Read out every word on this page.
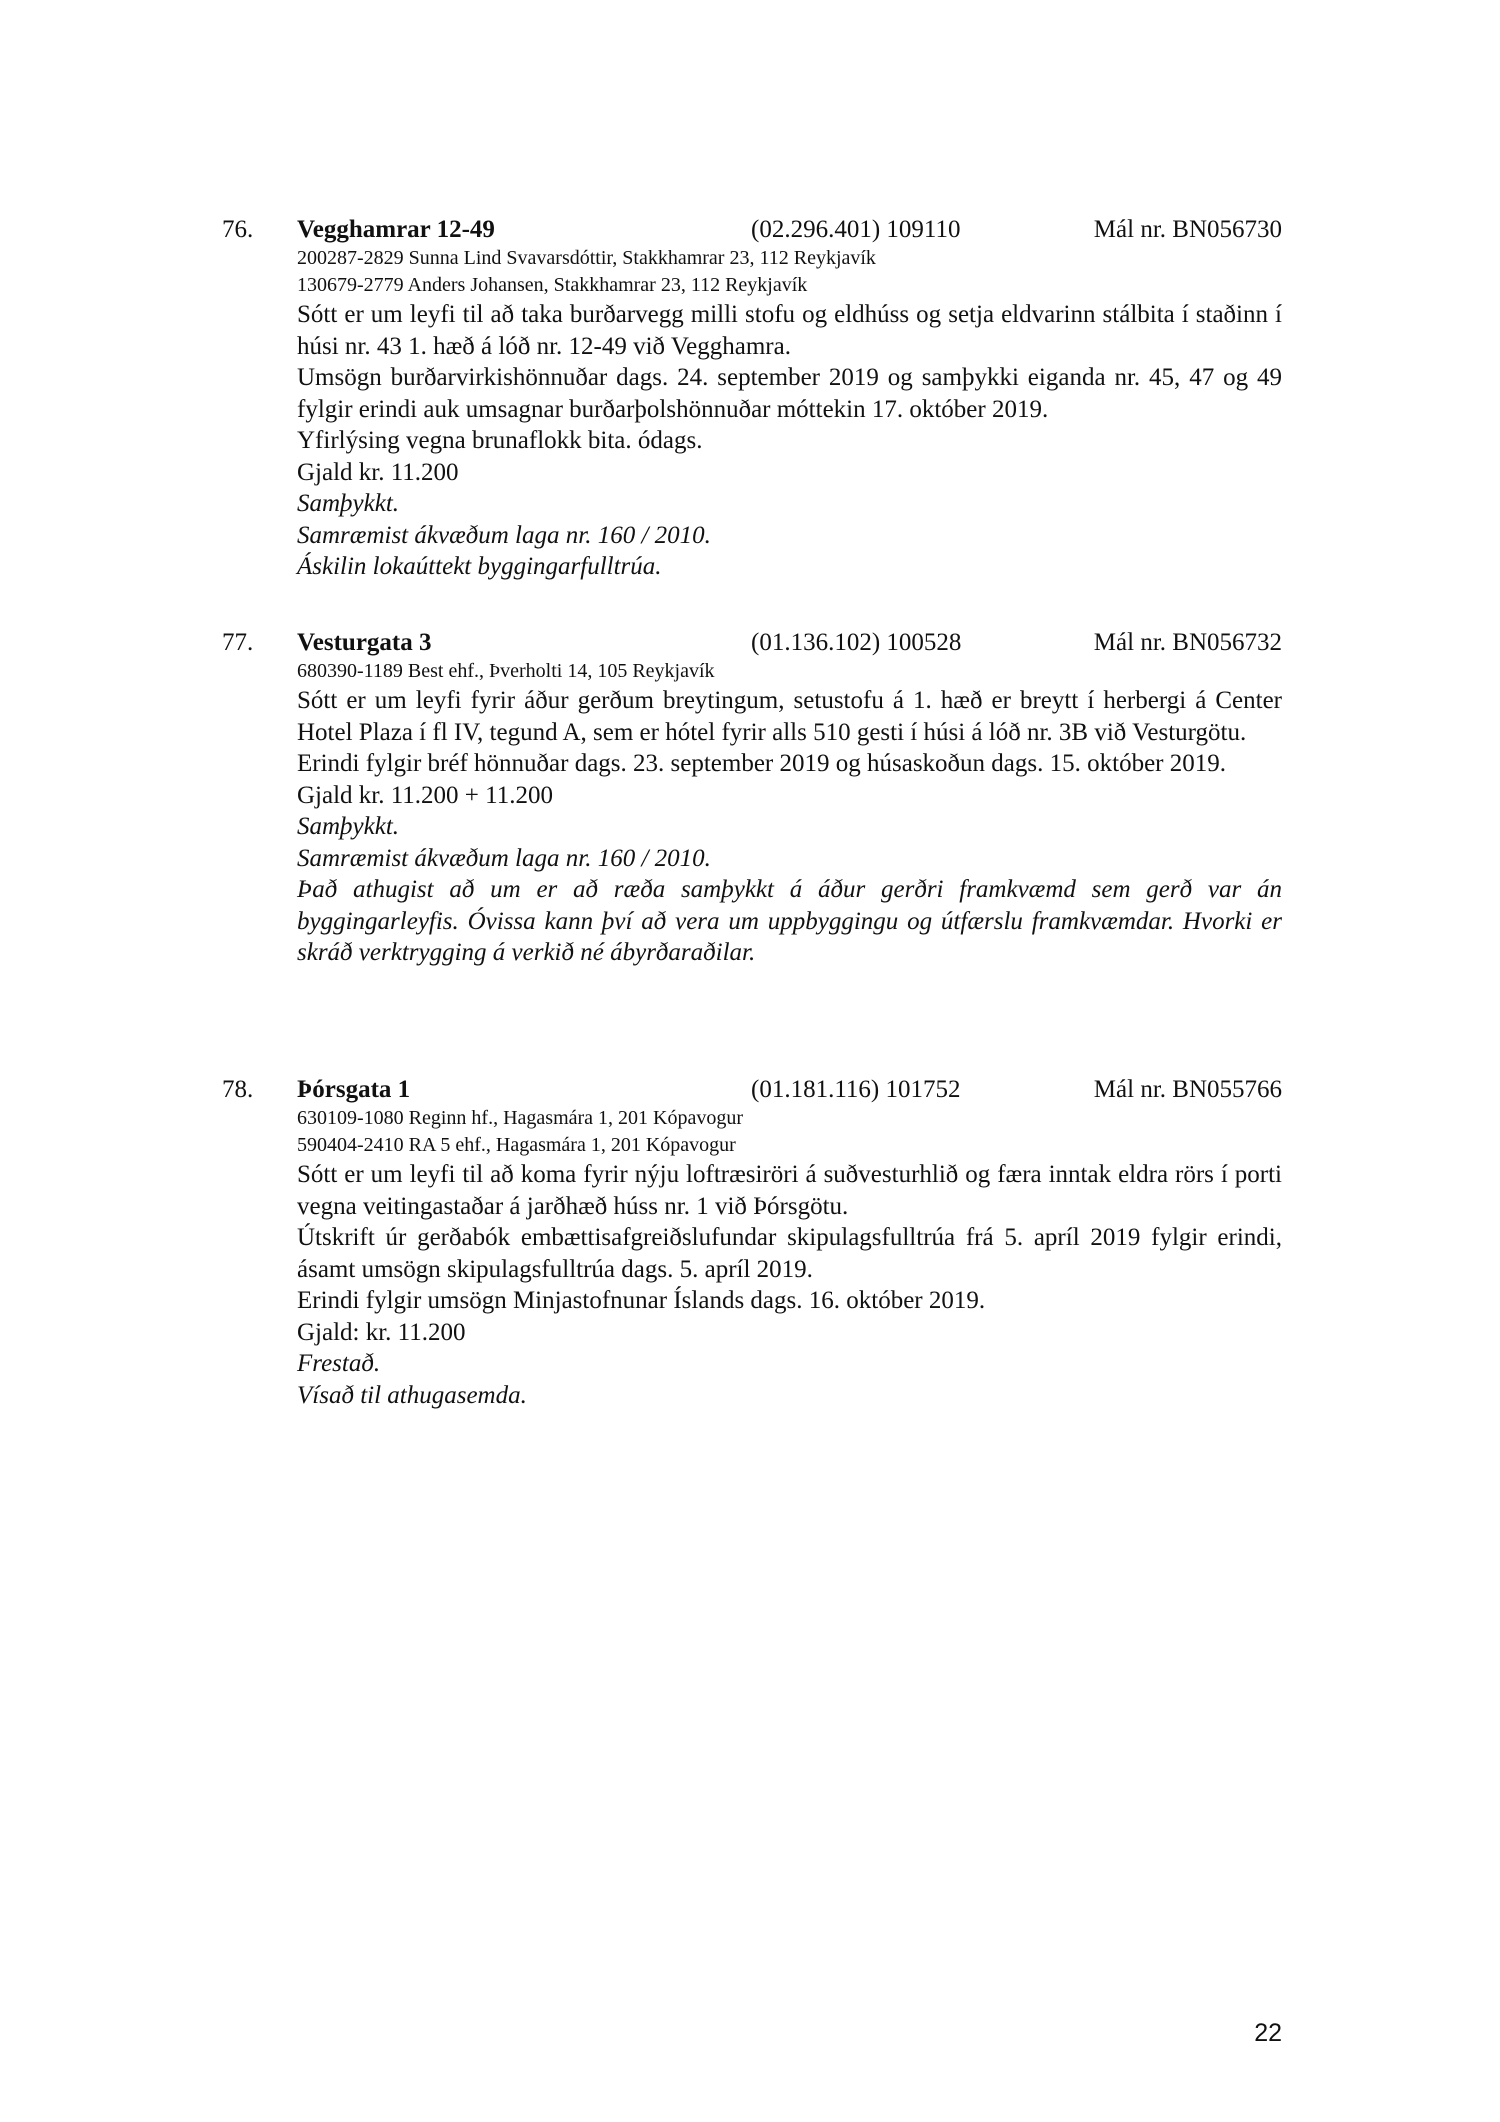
76. Vegghamrar 12-49	(02.296.401) 109110	Mál nr. BN056730

200287-2829 Sunna Lind Svavarsdóttir, Stakkhamrar 23, 112 Reykjavík

130679-2779 Anders Johansen, Stakkhamrar 23, 112 Reykjavík

Sótt er um leyfi til að taka burðarvegg milli stofu og eldhúss og setja eldvarinn stálbita í staðinn í húsi nr. 43 1. hæð á lóð nr. 12-49 við Vegghamra.

Umsögn burðarvirkishönnuðar dags. 24. september 2019 og samþykki eiganda nr. 45, 47 og 49 fylgir erindi auk umsagnar burðarþolshönnuðar móttekin 17. október 2019.

Yfirlýsing vegna brunaflokk bita. ódags.

Gjald kr. 11.200

Samþykkt.

Samræmist ákvæðum laga nr. 160 / 2010.

Áskilin lokaúttekt byggingarfulltrúa.

77. Vesturgata 3	(01.136.102) 100528	Mál nr. BN056732

680390-1189 Best ehf., Þverholti 14, 105 Reykjavík

Sótt er um leyfi fyrir áður gerðum breytingum, setustofu á 1. hæð er breytt í herbergi á Center Hotel Plaza í fl IV, tegund A, sem er hótel fyrir alls 510 gesti í húsi á lóð nr. 3B við Vesturgötu.

Erindi fylgir bréf hönnuðar dags. 23. september 2019 og húsaskoðun dags. 15. október 2019.

Gjald kr. 11.200 + 11.200

Samþykkt.

Samræmist ákvæðum laga nr. 160 / 2010.

Það athugist að um er að ræða samþykkt á áður gerðri framkvæmd sem gerð var án byggingarleyfis. Óvissa kann því að vera um uppbyggingu og útfærslu framkvæmdar. Hvorki er skráð verktrygging á verkið né ábyrðaraðilar.

78. Þórsgata 1	(01.181.116) 101752	Mál nr. BN055766

630109-1080 Reginn hf., Hagasmára 1, 201 Kópavogur

590404-2410 RA 5 ehf., Hagasmára 1, 201 Kópavogur

Sótt er um leyfi til að koma fyrir nýju loftræsiröri á suðvesturhlið og færa inntak eldra rörs í porti vegna veitingastaðar á jarðhæð húss nr. 1 við Þórsgötu.

Útskrift úr gerðabók embættisafgreiðslufundar skipulagsfulltrúa frá 5. apríl 2019 fylgir erindi, ásamt umsögn skipulagsfulltrúa dags. 5. apríl 2019.

Erindi fylgir umsögn Minjastofnunar Íslands dags. 16. október 2019.

Gjald: kr. 11.200

Frestað.

Vísað til athugasemda.

22
